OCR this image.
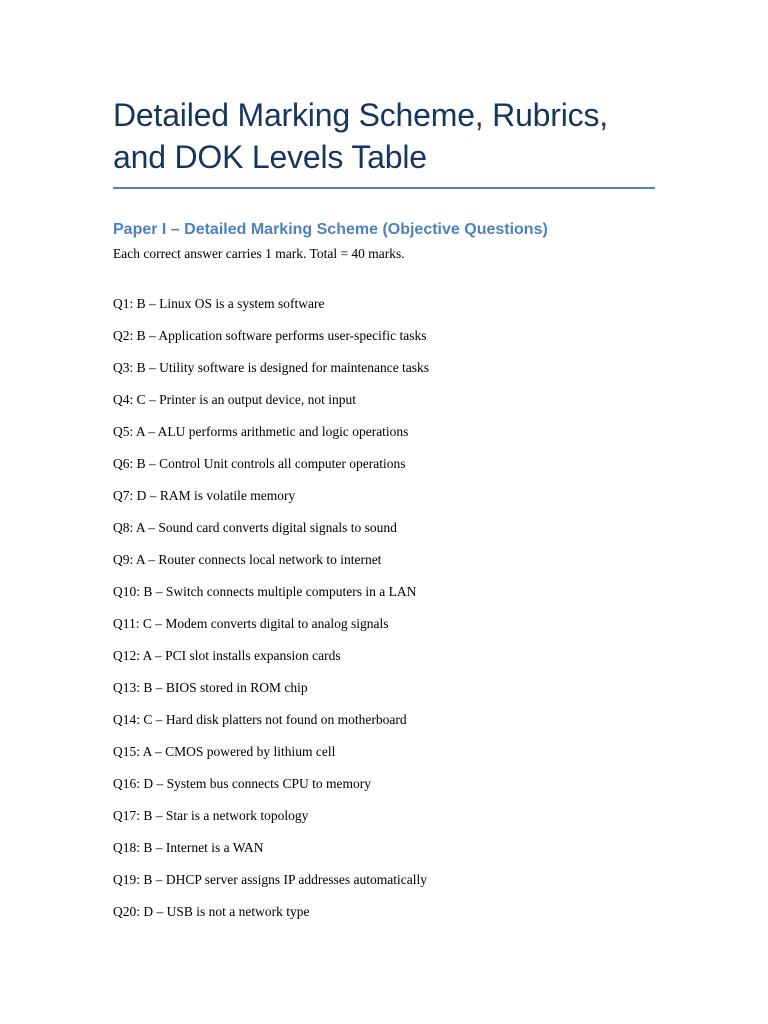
Detailed Marking Scheme, Rubrics, and DOK Levels Table
Paper I – Detailed Marking Scheme (Objective Questions)

Each correct answer carries 1 mark. Total = 40 marks.

Q1: B – Linux OS is a system software
Q2: B – Application software performs user-specific tasks
Q3: B – Utility software is designed for maintenance tasks
Q4: C – Printer is an output device, not input
Q5: A – ALU performs arithmetic and logic operations
Q6: B – Control Unit controls all computer operations
Q7: D – RAM is volatile memory
Q8: A – Sound card converts digital signals to sound
Q9: A – Router connects local network to internet
Q10: B – Switch connects multiple computers in a LAN
Q11: C – Modem converts digital to analog signals
Q12: A – PCI slot installs expansion cards
Q13: B – BIOS stored in ROM chip
Q14: C – Hard disk platters not found on motherboard
Q15: A – CMOS powered by lithium cell
Q16: D – System bus connects CPU to memory
Q17: B – Star is a network topology
Q18: B – Internet is a WAN
Q19: B – DHCP server assigns IP addresses automatically
Q20: D – USB is not a network type
